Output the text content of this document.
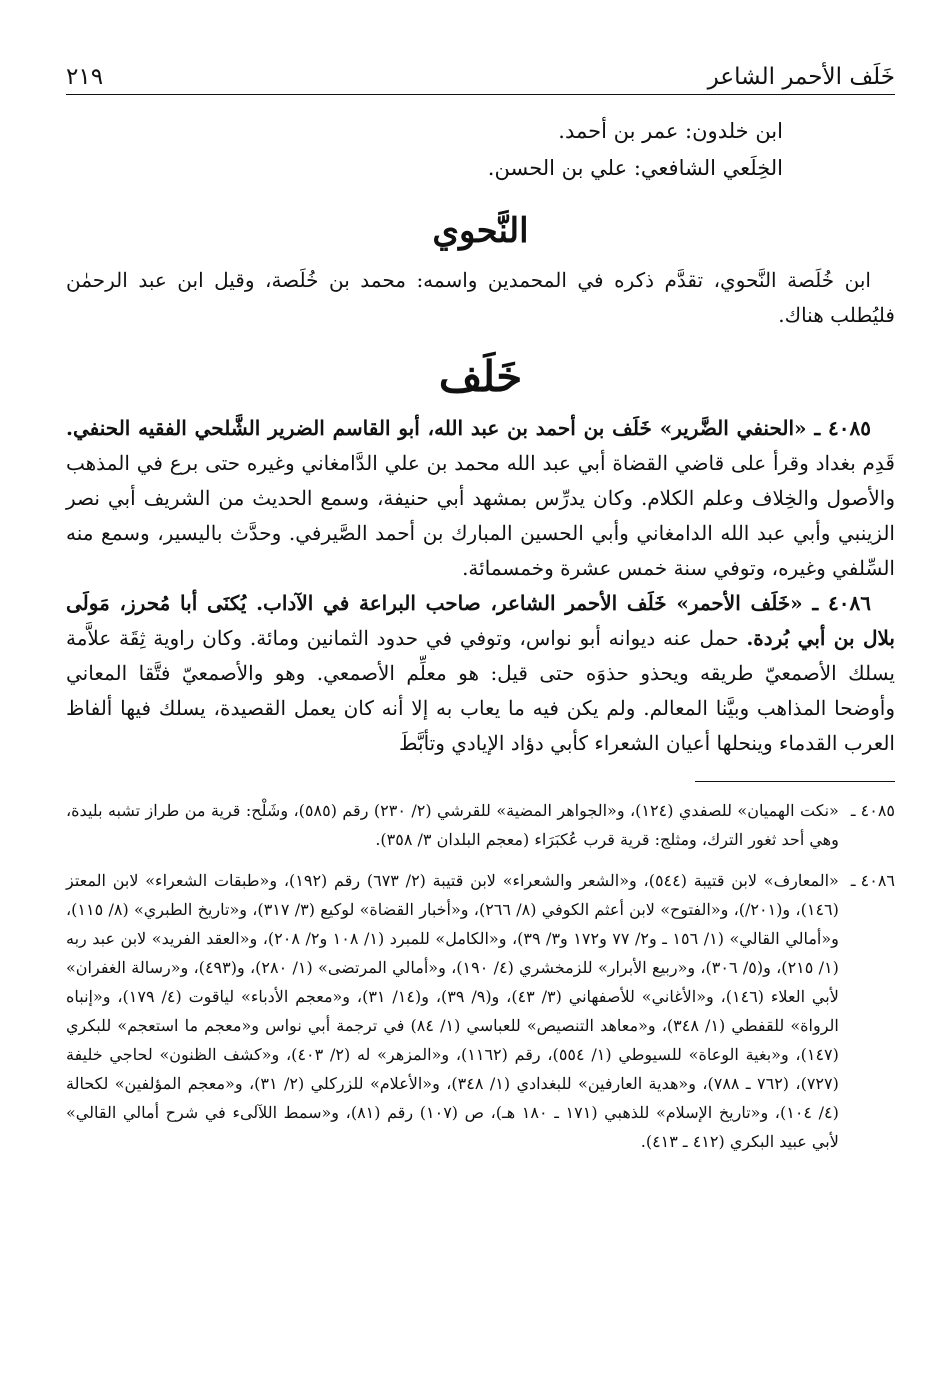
خَلَف الأحمر الشاعر
٢١٩
ابن خلدون: عمر بن أحمد.
الخِلَعي الشافعي: علي بن الحسن.
النَّحوي

ابن خُلَصة النَّحوي، تقدَّم ذكره في المحمدين واسمه: محمد بن خُلَصة، وقيل ابن عبد الرحمٰن فليُطلب هناك.

خَلَف

٤٠٨٥ ـ «الحنفي الضَّرير» خَلَف بن أحمد بن عبد الله، أبو القاسم الضرير الشَّلحي الفقيه الحنفي. قَدِم بغداد وقرأ على قاضي القضاة أبي عبد الله محمد بن علي الدَّامغاني وغيره حتى برع في المذهب والأصول والخِلاف وعلم الكلام. وكان يدرِّس بمشهد أبي حنيفة، وسمع الحديث من الشريف أبي نصر الزينبي وأبي عبد الله الدامغاني وأبي الحسين المبارك بن أحمد الصَّيرفي. وحدَّث باليسير، وسمع منه السِّلفي وغيره، وتوفي سنة خمس عشرة وخمسمائة.

٤٠٨٦ ـ «خَلَف الأحمر» خَلَف الأحمر الشاعر، صاحب البراعة في الآداب. يُكنَى أبا مُحرز، مَولَى بلال بن أبي بُردة. حمل عنه ديوانه أبو نواس، وتوفي في حدود الثمانين ومائة. وكان راوية ثِقَة علاَّمة يسلك الأصمعيّ طريقه ويحذو حذوَه حتى قيل: هو معلِّم الأصمعي. وهو والأصمعيّ فتَّقا المعاني وأوضحا المذاهب وبيَّنا المعالم. ولم يكن فيه ما يعاب به إلا أنه كان يعمل القصيدة، يسلك فيها ألفاظ العرب القدماء وينحلها أعيان الشعراء كأبي دؤاد الإيادي وتأبَّطَ

٤٠٨٥ ـ
«نكت الهميان» للصفدي (١٢٤)، و«الجواهر المضية» للقرشي (٢/ ٢٣٠) رقم (٥٨٥)، وشَلْح: قرية من طراز تشبه بليدة، وهي أحد ثغور الترك، ومثلج: قرية قرب عُكبَرَاء (معجم البلدان ٣/ ٣٥٨).
٤٠٨٦ ـ
«المعارف» لابن قتيبة (٥٤٤)، و«الشعر والشعراء» لابن قتيبة (٢/ ٦٧٣) رقم (١٩٢)، و«طبقات الشعراء» لابن المعتز (١٤٦)، و(٢٠١/)، و«الفتوح» لابن أعثم الكوفي (٨/ ٢٦٦)، و«أخبار القضاة» لوكيع (٣/ ٣١٧)، و«تاريخ الطبري» (٨/ ١١٥)، و«أمالي القالي» (١/ ١٥٦ ـ و٢/ ٧٧ و١٧٢ و٣/ ٣٩)، و«الكامل» للمبرد (١/ ١٠٨ و٢/ ٢٠٨)، و«العقد الفريد» لابن عبد ربه (١/ ٢١٥)، و(٥/ ٣٠٦)، و«ربيع الأبرار» للزمخشري (٤/ ١٩٠)، و«أمالي المرتضى» (١/ ٢٨٠)، و(٤٩٣)، و«رسالة الغفران» لأبي العلاء (١٤٦)، و«الأغاني» للأصفهاني (٣/ ٤٣)، و(٩/ ٣٩)، و(١٤/ ٣١)، و«معجم الأدباء» لياقوت (٤/ ١٧٩)، و«إنباه الرواة» للقفطي (١/ ٣٤٨)، و«معاهد التنصيص» للعباسي (١/ ٨٤) في ترجمة أبي نواس و«معجم ما استعجم» للبكري (١٤٧)، و«بغية الوعاة» للسيوطي (١/ ٥٥٤)، رقم (١١٦٢)، و«المزهر» له (٢/ ٤٠٣)، و«كشف الظنون» لحاجي خليفة (٧٢٧)، (٧٦٢ ـ ٧٨٨)، و«هدية العارفين» للبغدادي (١/ ٣٤٨)، و«الأعلام» للزركلي (٢/ ٣١)، و«معجم المؤلفين» لكحالة (٤/ ١٠٤)، و«تاريخ الإسلام» للذهبي (١٧١ ـ ١٨٠ هـ)، ص (١٠٧) رقم (٨١)، و«سمط اللآلىء في شرح أمالي القالي» لأبي عبيد البكري (٤١٢ ـ ٤١٣).
